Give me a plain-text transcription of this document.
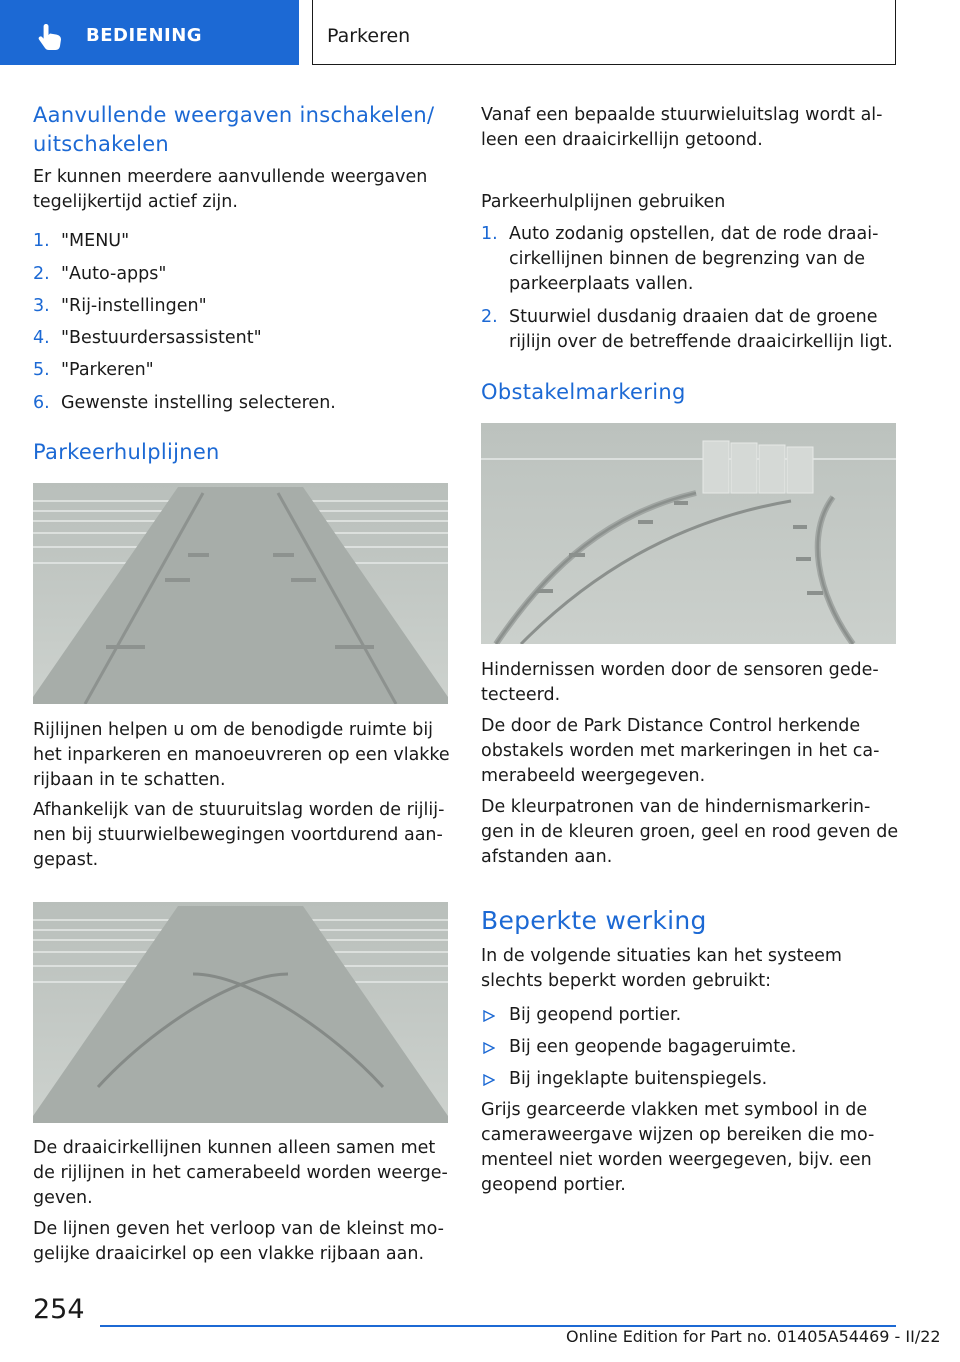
BEDIENING	Parkeren
Aanvullende weergaven inschakelen/
uitschakelen
Er kunnen meerdere aanvullende weergaven
tegelijkertijd actief zijn.
1. "MENU"
2. "Auto-apps"
3. "Rij-instellingen"
4. "Bestuurdersassistent"
5. "Parkeren"
6. Gewenste instelling selecteren.
Parkeerhulplijnen
Rijlijnen helpen u om de benodigde ruimte bij
het inparkeren en manoeuvreren op een vlakke
rijbaan in te schatten.
Afhankelijk van de stuuruitslag worden de rijlij-
nen bij stuurwielbewegingen voortdurend aan-
gepast.
De draaicirkellijnen kunnen alleen samen met
de rijlijnen in het camerabeeld worden weerge-
geven.
De lijnen geven het verloop van de kleinst mo-
gelijke draaicirkel op een vlakke rijbaan aan.
Vanaf een bepaalde stuurwieluitslag wordt al-
leen een draaicirkellijn getoond.
Parkeerhulplijnen gebruiken
1. Auto zodanig opstellen, dat de rode draai-
cirkellijnen binnen de begrenzing van de
parkeerplaats vallen.
2. Stuurwiel dusdanig draaien dat de groene
rijlijn over de betreffende draaicirkellijn ligt.
Obstakelmarkering
Hindernissen worden door de sensoren gede-
tecteerd.
De door de Park Distance Control herkende
obstakels worden met markeringen in het ca-
merabeeld weergegeven.
De kleurpatronen van de hindernismarkerin-
gen in de kleuren groen, geel en rood geven de
afstanden aan.
Beperkte werking
In de volgende situaties kan het systeem
slechts beperkt worden gebruikt:
Bij geopend portier.
Bij een geopende bagageruimte.
Bij ingeklapte buitenspiegels.
Grijs gearceerde vlakken met symbool in de
cameraweergave wijzen op bereiken die mo-
menteel niet worden weergegeven, bijv. een
geopend portier.
254
Online Edition for Part no. 01405A54469 - II/22
